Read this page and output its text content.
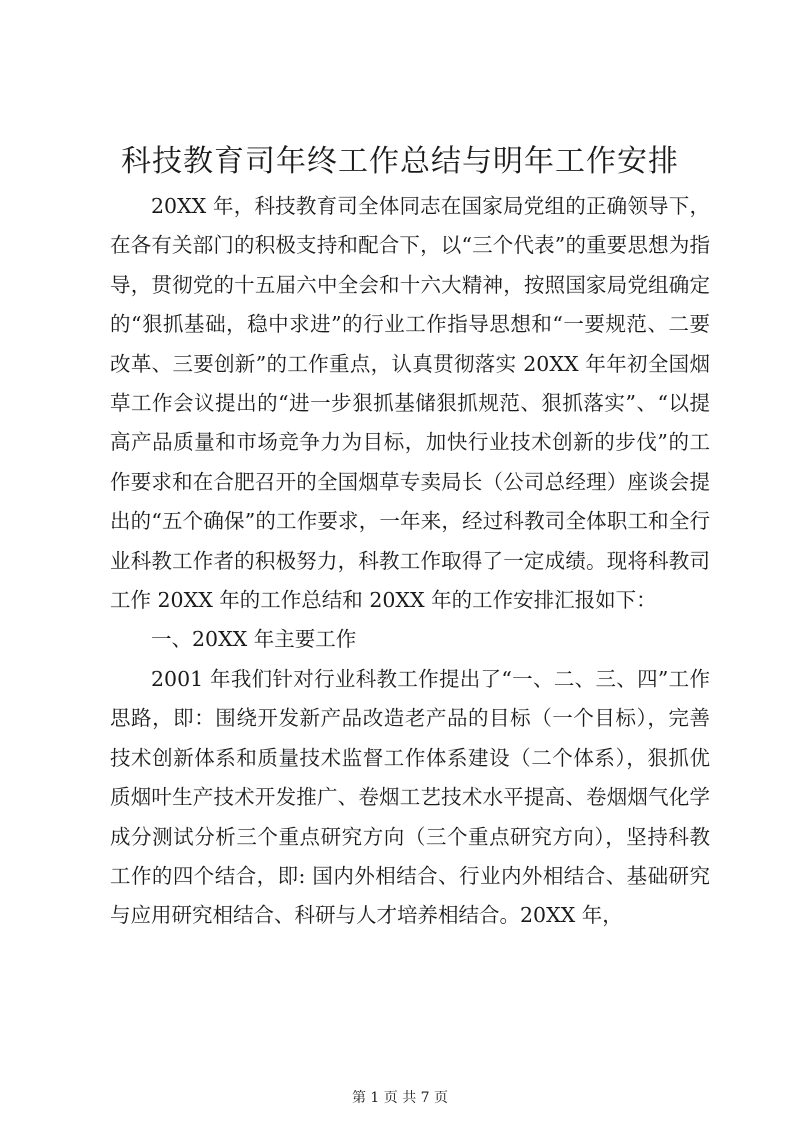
科技教育司年终工作总结与明年工作安排

20XX 年，科技教育司全体同志在国家局党组的正确领导下，在各有关部门的积极支持和配合下，以“三个代表”的重要思想为指导，贯彻党的十五届六中全会和十六大精神，按照国家局党组确定的“狠抓基础，稳中求进”的行业工作指导思想和“一要规范、二要改革、三要创新”的工作重点，认真贯彻落实 20XX 年年初全国烟草工作会议提出的“进一步狠抓基储狠抓规范、狠抓落实”、“以提高产品质量和市场竞争力为目标，加快行业技术创新的步伐”的工作要求和在合肥召开的全国烟草专卖局长（公司总经理）座谈会提出的“五个确保”的工作要求，一年来，经过科教司全体职工和全行业科教工作者的积极努力，科教工作取得了一定成绩。现将科教司工作 20XX 年的工作总结和 20XX 年的工作安排汇报如下：

一、20XX 年主要工作

2001 年我们针对行业科教工作提出了“一、二、三、四”工作思路，即：围绕开发新产品改造老产品的目标（一个目标），完善技术创新体系和质量技术监督工作体系建设（二个体系），狠抓优质烟叶生产技术开发推广、卷烟工艺技术水平提高、卷烟烟气化学成分测试分析三个重点研究方向（三个重点研究方向），坚持科教工作的四个结合，即: 国内外相结合、行业内外相结合、基础研究与应用研究相结合、科研与人才培养相结合。20XX 年，

第 1 页 共 7 页
